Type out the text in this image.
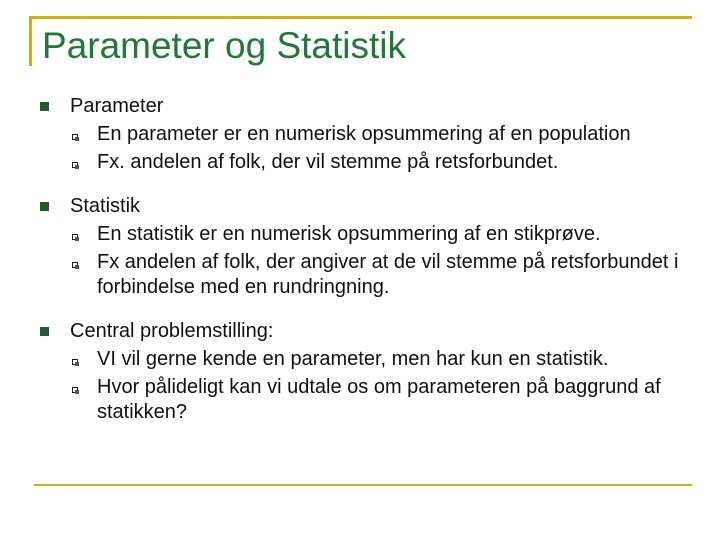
Parameter og Statistik
Parameter
En parameter er en numerisk opsummering af en population
Fx. andelen af folk, der vil stemme på retsforbundet.
Statistik
En statistik er en numerisk opsummering af en stikprøve.
Fx andelen af folk, der angiver at de vil stemme på retsforbundet i forbindelse med en rundringning.
Central problemstilling:
VI vil gerne kende en parameter, men har kun en statistik.
Hvor pålideligt kan vi udtale os om parameteren på baggrund af statikken?
